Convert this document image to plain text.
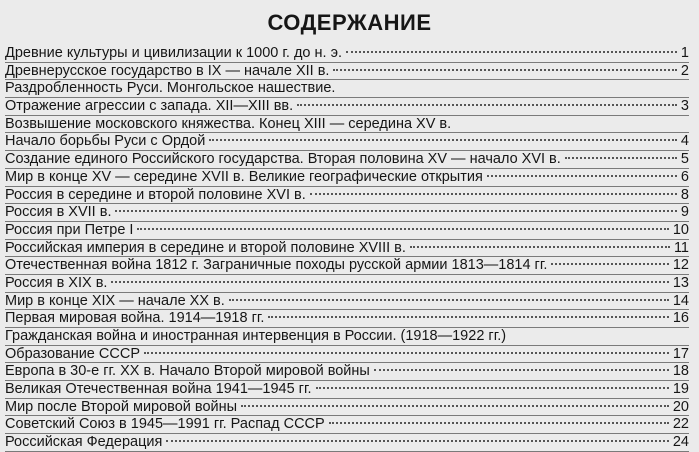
СОДЕРЖАНИЕ
Древние культуры и цивилизации к 1000 г. до н. э.	1
Древнерусское государство в IX — начале XII в.	2
Раздробленность Руси. Монгольское нашествие.
Отражение агрессии с запада. XII—XIII вв.	3
Возвышение московского княжества. Конец XIII — середина XV в.
Начало борьбы Руси с Ордой	4
Создание единого Российского государства. Вторая половина XV — начало XVI в.	5
Мир в конце XV — середине XVII в. Великие географические открытия	6
Россия в середине и второй половине XVI в.	8
Россия в XVII в.	9
Россия при Петре I	10
Российская империя в середине и второй половине XVIII в.	11
Отечественная война 1812 г. Заграничные походы русской армии 1813—1814 гг.	12
Россия в XIX в.	13
Мир в конце XIX — начале XX в.	14
Первая мировая война. 1914—1918 гг.	16
Гражданская война и иностранная интервенция в России. (1918—1922 гг.)
Образование СССР	17
Европа в 30-е гг. XX в. Начало Второй мировой войны	18
Великая Отечественная война 1941—1945 гг.	19
Мир после Второй мировой войны	20
Советский Союз в 1945—1991 гг. Распад СССР	22
Российская Федерация	24
